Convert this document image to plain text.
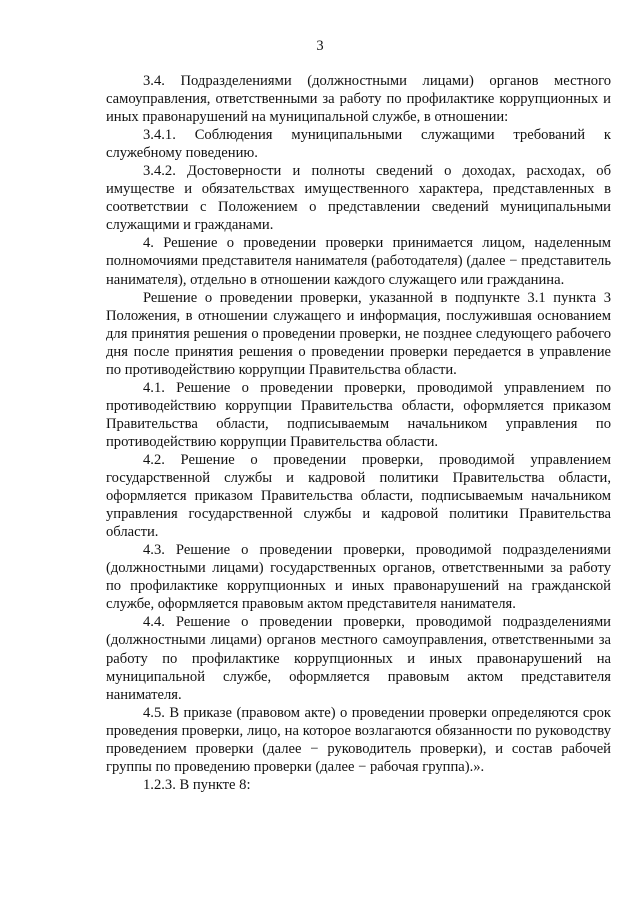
3

3.4. Подразделениями (должностными лицами) органов местного самоуправления, ответственными за работу по профилактике коррупционных и иных правонарушений на муниципальной службе, в отношении:

3.4.1. Соблюдения муниципальными служащими требований к служебному поведению.

3.4.2. Достоверности и полноты сведений о доходах, расходах, об имуществе и обязательствах имущественного характера, представленных в соответствии с Положением о представлении сведений муниципальными служащими и гражданами.

4. Решение о проведении проверки принимается лицом, наделенным полномочиями представителя нанимателя (работодателя) (далее − представитель нанимателя), отдельно в отношении каждого служащего или гражданина.

Решение о проведении проверки, указанной в подпункте 3.1 пункта 3 Положения, в отношении служащего и информация, послужившая основанием для принятия решения о проведении проверки, не позднее следующего рабочего дня после принятия решения о проведении проверки передается в управление по противодействию коррупции Правительства области.

4.1. Решение о проведении проверки, проводимой управлением по противодействию коррупции Правительства области, оформляется приказом Правительства области, подписываемым начальником управления по противодействию коррупции Правительства области.

4.2. Решение о проведении проверки, проводимой управлением государственной службы и кадровой политики Правительства области, оформляется приказом Правительства области, подписываемым начальником управления государственной службы и кадровой политики Правительства области.

4.3. Решение о проведении проверки, проводимой подразделениями (должностными лицами) государственных органов, ответственными за работу по профилактике коррупционных и иных правонарушений на гражданской службе, оформляется правовым актом представителя нанимателя.

4.4. Решение о проведении проверки, проводимой подразделениями (должностными лицами) органов местного самоуправления, ответственными за работу по профилактике коррупционных и иных правонарушений на муниципальной службе, оформляется правовым актом представителя нанимателя.

4.5. В приказе (правовом акте) о проведении проверки определяются срок проведения проверки, лицо, на которое возлагаются обязанности по руководству проведением проверки (далее − руководитель проверки), и состав рабочей группы по проведению проверки (далее − рабочая группа).».

1.2.3. В пункте 8:
